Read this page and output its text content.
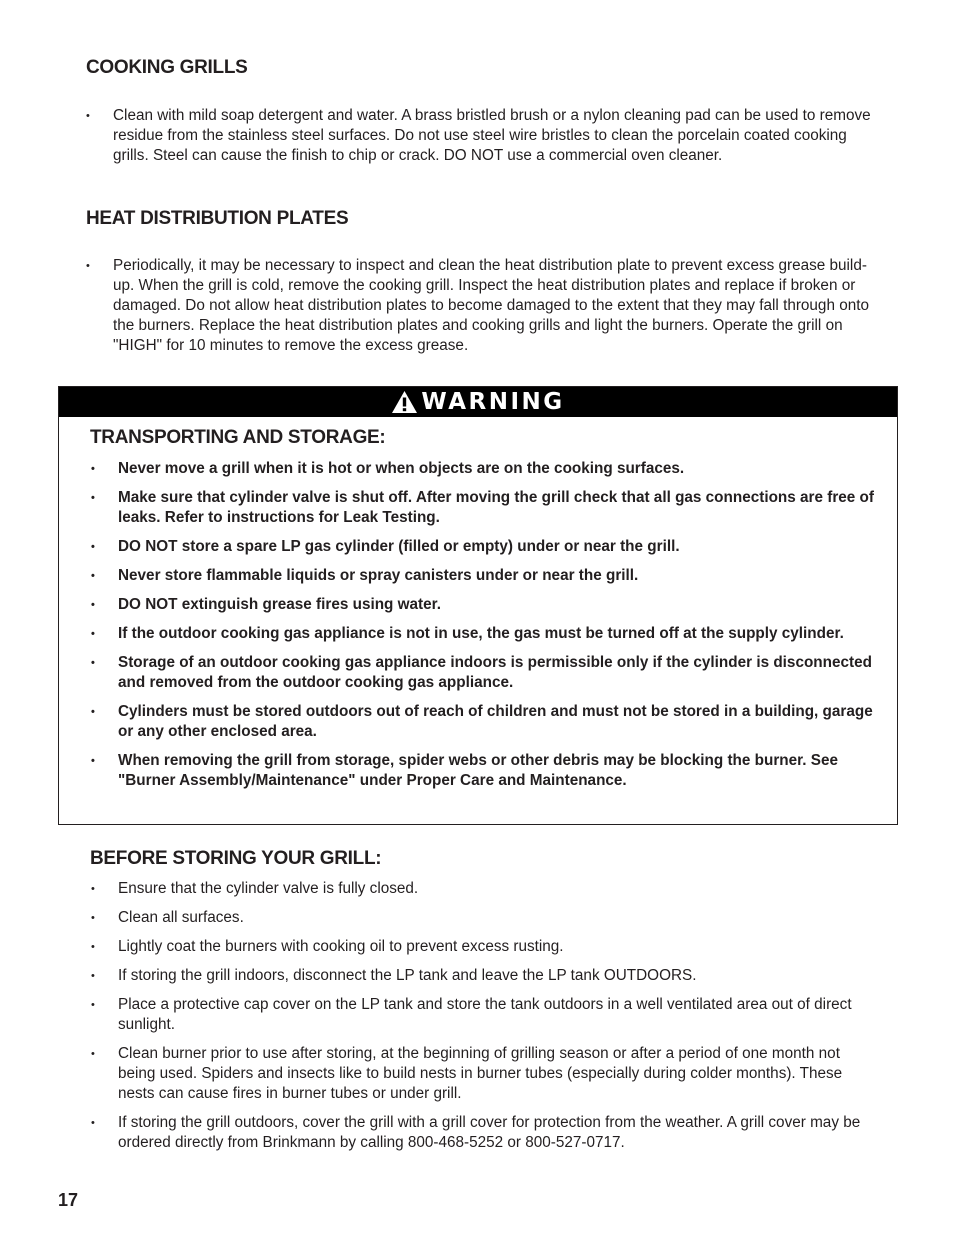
COOKING GRILLS
• Clean with mild soap detergent and water. A brass bristled brush or a nylon cleaning pad can be used to remove residue from the stainless steel surfaces. Do not use steel wire bristles to clean the porcelain coated cooking grills. Steel can cause the finish to chip or crack. DO NOT use a commercial oven cleaner.
HEAT DISTRIBUTION PLATES
• Periodically, it may be necessary to inspect and clean the heat distribution plate to prevent excess grease build-up. When the grill is cold, remove the cooking grill. Inspect the heat distribution plates and replace if broken or damaged. Do not allow heat distribution plates to become damaged to the extent that they may fall through onto the burners. Replace the heat distribution plates and cooking grills and light the burners. Operate the grill on "HIGH" for 10 minutes to remove the excess grease.
WARNING
TRANSPORTING AND STORAGE:
• Never move a grill when it is hot or when objects are on the cooking surfaces.
• Make sure that cylinder valve is shut off. After moving the grill check that all gas connections are free of leaks. Refer to instructions for Leak Testing.
• DO NOT store a spare LP gas cylinder (filled or empty) under or near the grill.
• Never store flammable liquids or spray canisters under or near the grill.
• DO NOT extinguish grease fires using water.
• If the outdoor cooking gas appliance is not in use, the gas must be turned off at the supply cylinder.
• Storage of an outdoor cooking gas appliance indoors is permissible only if the cylinder is disconnected and removed from the outdoor cooking gas appliance.
• Cylinders must be stored outdoors out of reach of children and must not be stored in a building, garage or any other enclosed area.
• When removing the grill from storage, spider webs or other debris may be blocking the burner. See "Burner Assembly/Maintenance" under Proper Care and Maintenance.
BEFORE STORING YOUR GRILL:
• Ensure that the cylinder valve is fully closed.
• Clean all surfaces.
• Lightly coat the burners with cooking oil to prevent excess rusting.
• If storing the grill indoors, disconnect the LP tank and leave the LP tank OUTDOORS.
• Place a protective cap cover on the LP tank and store the tank outdoors in a well ventilated area out of direct sunlight.
• Clean burner prior to use after storing, at the beginning of grilling season or after a period of one month not being used. Spiders and insects like to build nests in burner tubes (especially during colder months). These nests can cause fires in burner tubes or under grill.
• If storing the grill outdoors, cover the grill with a grill cover for protection from the weather. A grill cover may be ordered directly from Brinkmann by calling 800-468-5252 or 800-527-0717.
17
